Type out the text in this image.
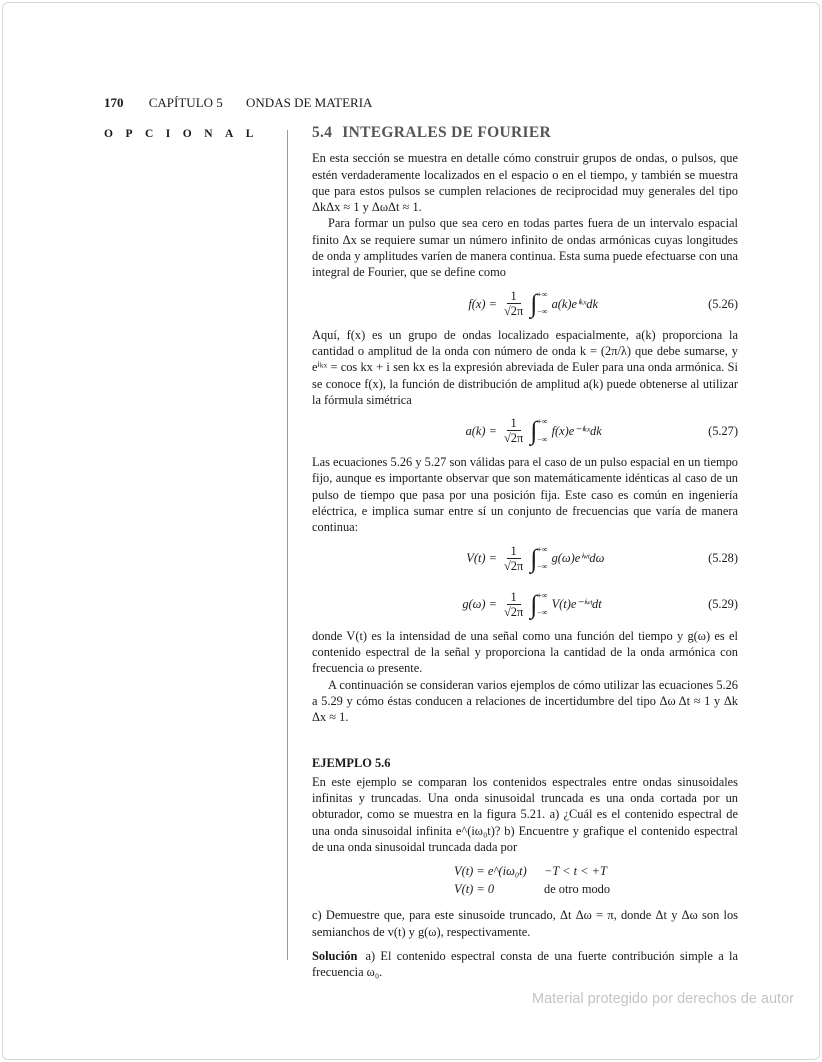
170 CAPÍTULO 5 ONDAS DE MATERIA
OPCIONAL	5.4 INTEGRALES DE FOURIER

En esta sección se muestra en detalle cómo construir grupos de ondas, o pulsos, que estén verdaderamente localizados en el espacio o en el tiempo, y también se muestra que para estos pulsos se cumplen relaciones de reciprocidad muy generales del tipo ΔkΔx ≈ 1 y ΔωΔt ≈ 1.

Para formar un pulso que sea cero en todas partes fuera de un intervalo espacial finito Δx se requiere sumar un número infinito de ondas armónicas cuyas longitudes de onda y amplitudes varíen de manera continua. Esta suma puede efectuarse con una integral de Fourier, que se define como

$f(x) = \frac{1}{√2\pi}$ ∫ +∞
−∞
a(k)eⁱᵏˣdk	(5.26)

Aquí, f(x) es un grupo de ondas localizado espacialmente, a(k) proporciona la cantidad o amplitud de la onda con número de onda k = (2π/λ) que debe sumarse, y eⁱᵏˣ = cos kx + i sen kx es la expresión abreviada de Euler para una onda armónica. Si se conoce f(x), la función de distribución de amplitud a(k) puede obtenerse al utilizar la fórmula simétrica

$a(k) = \frac{1}{√2\pi}$ ∫ +∞
−∞
f(x)e⁻ⁱᵏˣdk	(5.27)

Las ecuaciones 5.26 y 5.27 son válidas para el caso de un pulso espacial en un tiempo fijo, aunque es importante observar que son matemáticamente idénticas al caso de un pulso de tiempo que pasa por una posición fija. Este caso es común en ingeniería eléctrica, e implica sumar entre sí un conjunto de frecuencias que varía de manera continua:

$V(t) = \frac{1}{√2\pi}$ ∫ +∞
−∞
g(ω)eⁱʷᵗdω	(5.28)
$g(\omega) = \frac{1}{√2\pi}$ ∫ +∞
−∞
V(t)e⁻ⁱʷᵗdt	(5.29)

donde V(t) es la intensidad de una señal como una función del tiempo y g(ω) es el contenido espectral de la señal y proporciona la cantidad de la onda armónica con frecuencia ω presente.

A continuación se consideran varios ejemplos de cómo utilizar las ecuaciones 5.26 a 5.29 y cómo éstas conducen a relaciones de incertidumbre del tipo Δω Δt ≈ 1 y Δk Δx ≈ 1.

EJEMPLO 5.6

En este ejemplo se comparan los contenidos espectrales entre ondas sinusoidales infinitas y truncadas. Una onda sinusoidal truncada es una onda cortada por un obturador, como se muestra en la figura 5.21. a) ¿Cuál es el contenido espectral de una onda sinusoidal infinita e^(iω₀t)? b) Encuentre y grafique el contenido espectral de una onda sinusoidal truncada dada por

V(t) = e^(iω₀t)	−T < t < +T
V(t) = 0	de otro modo

c) Demuestre que, para este sinusoide truncado, Δt Δω = π, donde Δt y Δω son los semianchos de v(t) y g(ω), respectivamente.

Solución a) El contenido espectral consta de una fuerte contribución simple a la frecuencia ω₀.

Material protegido por derechos de autor
